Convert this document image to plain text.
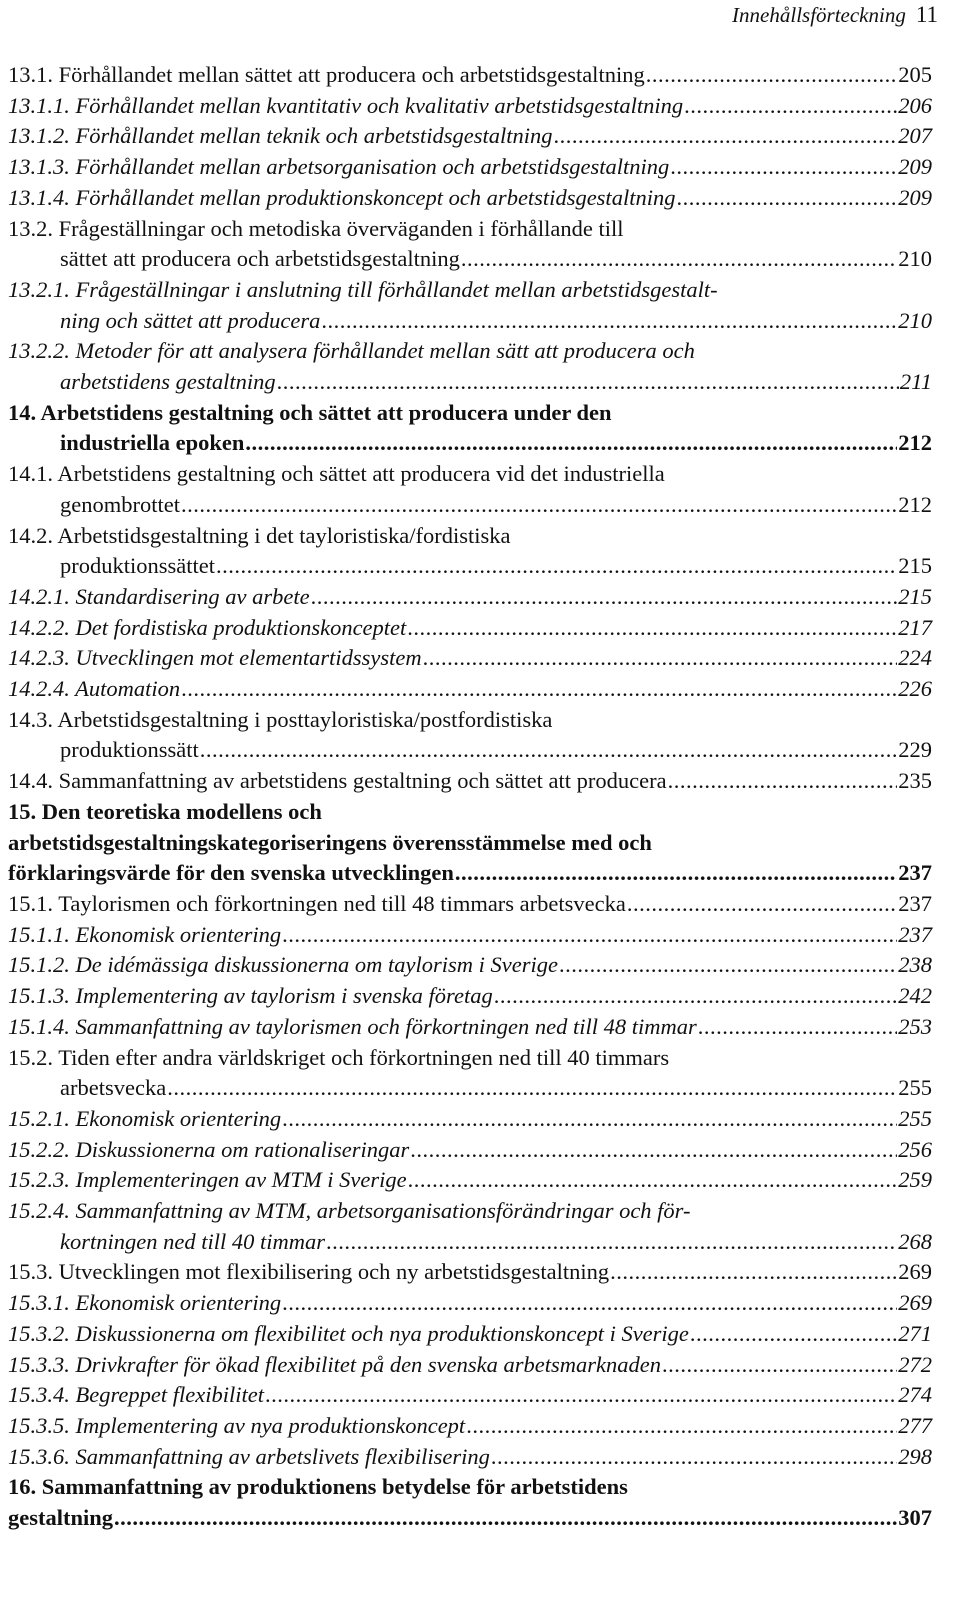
Innehållsförteckning 11
13.1. Förhållandet mellan sättet att producera och arbetstidsgestaltning .....	205
13.1.1. Förhållandet mellan kvantitativ och kvalitativ arbetstidsgestaltning .....	206
13.1.2. Förhållandet mellan teknik och arbetstidsgestaltning .....	207
13.1.3. Förhållandet mellan arbetsorganisation och arbetstidsgestaltning .....	209
13.1.4. Förhållandet mellan produktionskoncept och arbetstidsgestaltning .....	209
13.2. Frågeställningar och metodiska överväganden i förhållande till
sättet att producera och arbetstidsgestaltning .....	210
13.2.1. Frågeställningar i anslutning till förhållandet mellan arbetstidsgestalt-
ning och sättet att producera .....	210
13.2.2. Metoder för att analysera förhållandet mellan sätt att producera och
arbetstidens gestaltning .....	211
14. Arbetstidens gestaltning och sättet att producera under den
industriella epoken .....	212
14.1. Arbetstidens gestaltning och sättet att producera vid det industriella
genombrottet .....	212
14.2. Arbetstidsgestaltning i det tayloristiska/fordistiska
produktionssättet .....	215
14.2.1. Standardisering av arbete .....	215
14.2.2. Det fordistiska produktionskonceptet .....	217
14.2.3. Utvecklingen mot elementartidssystem .....	224
14.2.4. Automation .....	226
14.3. Arbetstidsgestaltning i posttayloristiska/postfordistiska
produktionssätt .....	229
14.4. Sammanfattning av arbetstidens gestaltning och sättet att producera .....	235
15. Den teoretiska modellens och
arbetstidsgestaltningskategoriseringens överensstämmelse med och
förklaringsvärde för den svenska utvecklingen .....	237
15.1. Taylorismen och förkortningen ned till 48 timmars arbetsvecka .....	237
15.1.1. Ekonomisk orientering .....	237
15.1.2. De idémässiga diskussionerna om taylorism i Sverige .....	238
15.1.3. Implementering av taylorism i svenska företag .....	242
15.1.4. Sammanfattning av taylorismen och förkortningen ned till 48 timmar .....	253
15.2. Tiden efter andra världskriget och förkortningen ned till 40 timmars
arbetsvecka .....	255
15.2.1. Ekonomisk orientering .....	255
15.2.2. Diskussionerna om rationaliseringar .....	256
15.2.3. Implementeringen av MTM i Sverige .....	259
15.2.4. Sammanfattning av MTM, arbetsorganisationsförändringar och för-
kortningen ned till 40 timmar .....	268
15.3. Utvecklingen mot flexibilisering och ny arbetstidsgestaltning .....	269
15.3.1. Ekonomisk orientering .....	269
15.3.2. Diskussionerna om flexibilitet och nya produktionskoncept i Sverige .....	271
15.3.3. Drivkrafter för ökad flexibilitet på den svenska arbetsmarknaden .....	272
15.3.4. Begreppet flexibilitet .....	274
15.3.5. Implementering av nya produktionskoncept .....	277
15.3.6. Sammanfattning av arbetslivets flexibilisering .....	298
16. Sammanfattning av produktionens betydelse för arbetstidens
gestaltning .....	307
